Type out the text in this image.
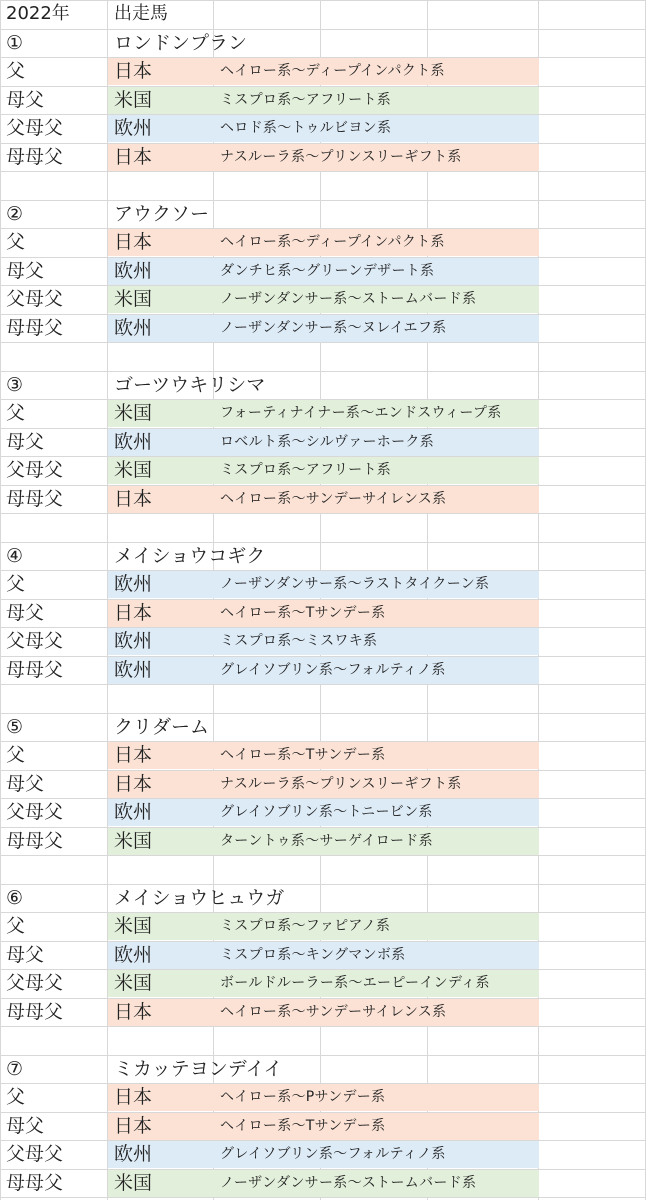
2022年 出走馬
①	ロンドンプラン
父	日本	ヘイロー系〜ディープインパクト系
母父	米国	ミスプロ系〜アフリート系
父母父	欧州	ヘロド系〜トゥルビヨン系
母母父	日本	ナスルーラ系〜プリンスリーギフト系
②	アウクソー
父	日本	ヘイロー系〜ディープインパクト系
母父	欧州	ダンチヒ系〜グリーンデザート系
父母父	米国	ノーザンダンサー系〜ストームバード系
母母父	欧州	ノーザンダンサー系〜ヌレイエフ系
③	ゴーツウキリシマ
父	米国	フォーティナイナー系〜エンドスウィープ系
母父	欧州	ロベルト系〜シルヴァーホーク系
父母父	米国	ミスプロ系〜アフリート系
母母父	日本	ヘイロー系〜サンデーサイレンス系
④	メイショウコギク
父	欧州	ノーザンダンサー系〜ラストタイクーン系
母父	日本	ヘイロー系〜Tサンデー系
父母父	欧州	ミスプロ系〜ミスワキ系
母母父	欧州	グレイソブリン系〜フォルティノ系
⑤	クリダーム
父	日本	ヘイロー系〜Tサンデー系
母父	日本	ナスルーラ系〜プリンスリーギフト系
父母父	欧州	グレイソブリン系〜トニービン系
母母父	米国	ターントゥ系〜サーゲイロード系
⑥	メイショウヒュウガ
父	米国	ミスプロ系〜ファピアノ系
母父	欧州	ミスプロ系〜キングマンボ系
父母父	米国	ボールドルーラー系〜エーピーインディ系
母母父	日本	ヘイロー系〜サンデーサイレンス系
⑦	ミカッテヨンデイイ
父	日本	ヘイロー系〜Pサンデー系
母父	日本	ヘイロー系〜Tサンデー系
父母父	欧州	グレイソブリン系〜フォルティノ系
母母父	米国	ノーザンダンサー系〜ストームバード系
